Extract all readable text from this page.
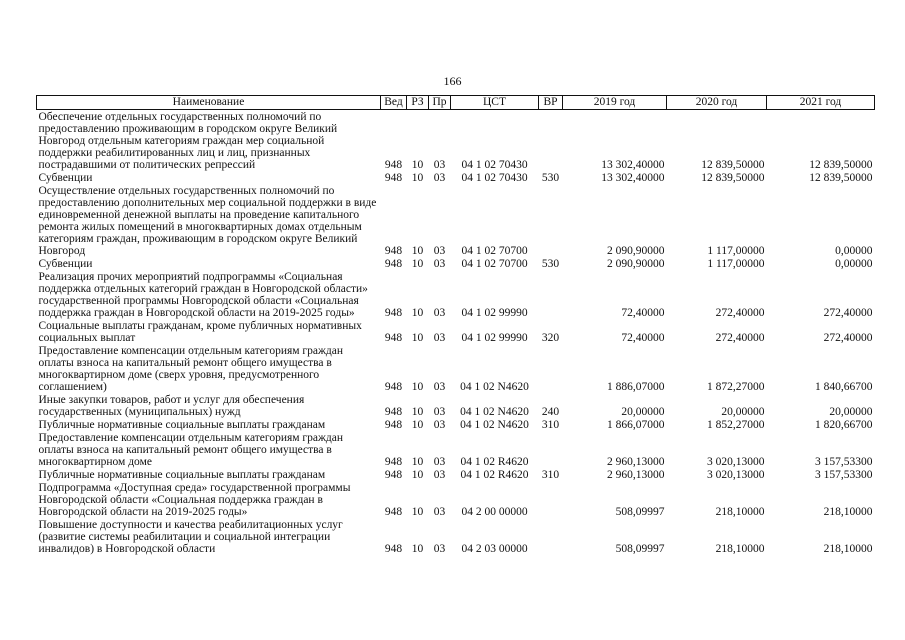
166
Наименование	Вед	РЗ	Пр	ЦСТ	ВР	2019 год	2020 год	2021 год
Обеспечение отдельных государственных полномочий по предоставлению проживающим в городском округе Великий Новгород отдельным категориям граждан мер социальной поддержки реабилитированных лиц и лиц, признанных пострадавшими от политических репрессий	948	10	03	04 1 02 70430		13 302,40000	12 839,50000	12 839,50000
Субвенции	948	10	03	04 1 02 70430	530	13 302,40000	12 839,50000	12 839,50000
Осуществление отдельных государственных полномочий по предоставлению дополнительных мер социальной поддержки в виде единовременной денежной выплаты на проведение капитального ремонта жилых помещений в многоквартирных домах отдельным категориям граждан, проживающим в городском округе Великий Новгород	948	10	03	04 1 02 70700		2 090,90000	1 117,00000	0,00000
Субвенции	948	10	03	04 1 02 70700	530	2 090,90000	1 117,00000	0,00000
Реализация прочих мероприятий подпрограммы «Социальная поддержка отдельных категорий граждан в Новгородской области» государственной программы Новгородской области «Социальная поддержка граждан в Новгородской области на 2019-2025 годы»	948	10	03	04 1 02 99990		72,40000	272,40000	272,40000
Социальные выплаты гражданам, кроме публичных нормативных социальных выплат	948	10	03	04 1 02 99990	320	72,40000	272,40000	272,40000
Предоставление компенсации отдельным категориям граждан оплаты взноса на капитальный ремонт общего имущества в многоквартирном доме (сверх уровня, предусмотренного соглашением)	948	10	03	04 1 02 N4620		1 886,07000	1 872,27000	1 840,66700
Иные закупки товаров, работ и услуг для обеспечения государственных (муниципальных) нужд	948	10	03	04 1 02 N4620	240	20,00000	20,00000	20,00000
Публичные нормативные социальные выплаты гражданам	948	10	03	04 1 02 N4620	310	1 866,07000	1 852,27000	1 820,66700
Предоставление компенсации отдельным категориям граждан оплаты взноса на капитальный ремонт общего имущества в многоквартирном доме	948	10	03	04 1 02 R4620		2 960,13000	3 020,13000	3 157,53300
Публичные нормативные социальные выплаты гражданам	948	10	03	04 1 02 R4620	310	2 960,13000	3 020,13000	3 157,53300
Подпрограмма «Доступная среда» государственной программы Новгородской области «Социальная поддержка граждан в Новгородской области на 2019-2025 годы»	948	10	03	04 2 00 00000		508,09997	218,10000	218,10000
Повышение доступности и качества реабилитационных услуг (развитие системы реабилитации и социальной интеграции инвалидов) в Новгородской области	948	10	03	04 2 03 00000		508,09997	218,10000	218,10000
